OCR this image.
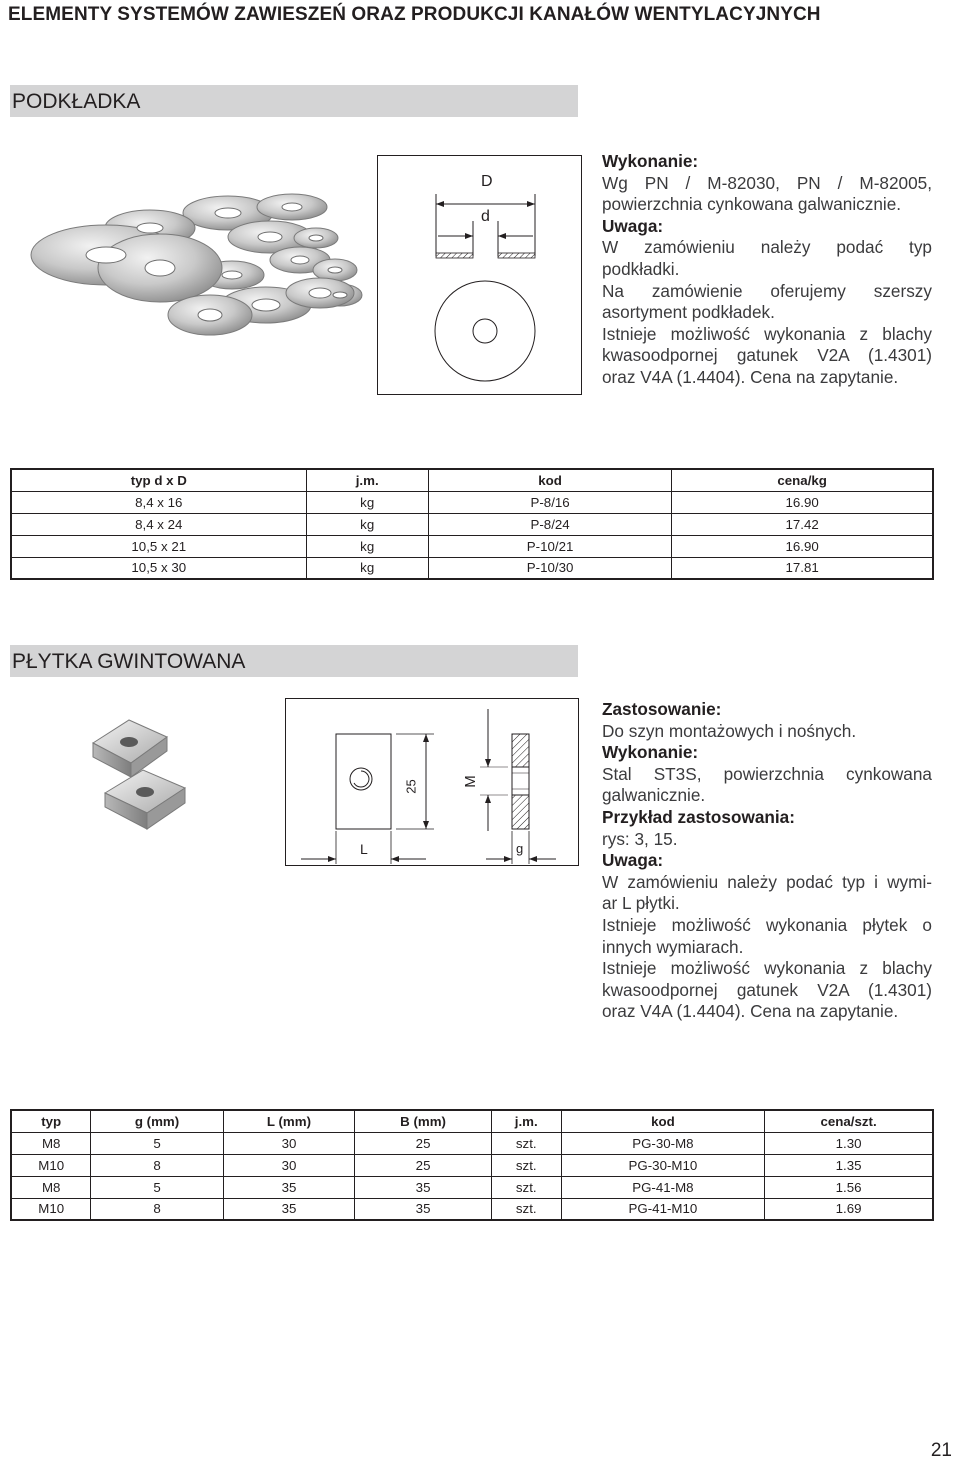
ELEMENTY SYSTEMÓW ZAWIESZEŃ ORAZ PRODUKCJI KANAŁÓW WENTYLACYJNYCH
PODKŁADKA
D
d
Wykonanie:
Wg PN / M-82030, PN / M-82005,
powierzchnia cynkowana galwanicznie.
Uwaga:
W zamówieniu należy podać typ
podkładki.
Na zamówienie oferujemy szerszy
asortyment podkładek.
Istnieje możliwość wykonania z blachy
kwasoodpornej gatunek V2A (1.4301)
oraz V4A (1.4404). Cena na zapytanie.
typ d x D	j.m.	kod	cena/kg
8,4 x 16	kg	P-8/16	16.90
8,4 x 24	kg	P-8/24	17.42
10,5 x 21	kg	P-10/21	16.90
10,5 x 30	kg	P-10/30	17.81
PŁYTKA GWINTOWANA
25	M
L	g
Zastosowanie:
Do szyn montażowych i nośnych.
Wykonanie:
Stal ST3S, powierzchnia cynkowana
galwanicznie.
Przykład zastosowania:
rys: 3, 15.
Uwaga:
W zamówieniu należy podać typ i wymi-
ar L płytki.
Istnieje możliwość wykonania płytek o
innych wymiarach.
Istnieje możliwość wykonania z blachy
kwasoodpornej gatunek V2A (1.4301)
oraz V4A (1.4404). Cena na zapytanie.
typ	g (mm)	L (mm)	B (mm)	j.m.	kod	cena/szt.
M8	5	30	25	szt.	PG-30-M8	1.30
M10	8	30	25	szt.	PG-30-M10	1.35
M8	5	35	35	szt.	PG-41-M8	1.56
M10	8	35	35	szt.	PG-41-M10	1.69
21
